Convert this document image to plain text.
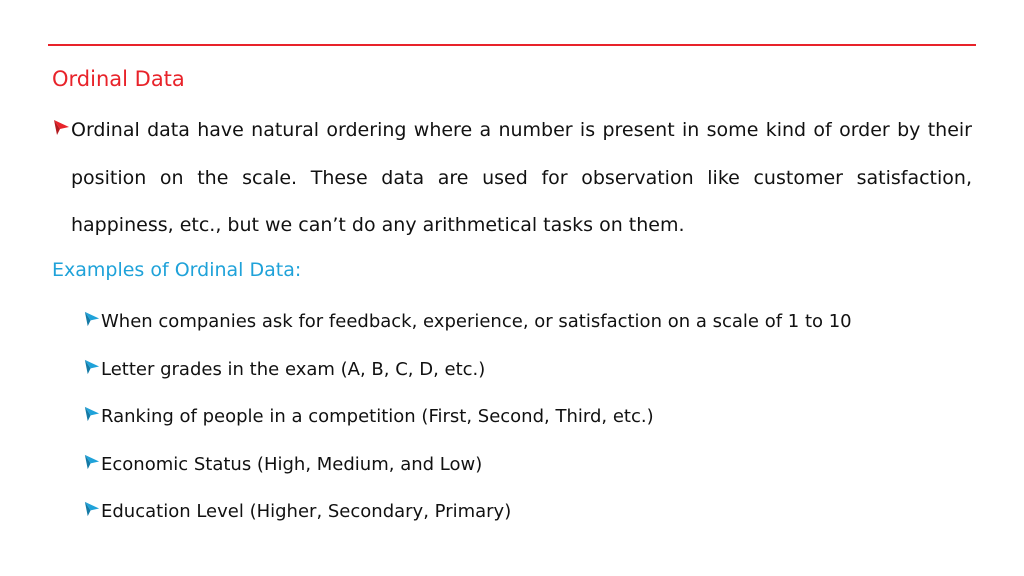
Ordinal Data
Ordinal data have natural ordering where a number is present in some kind of order by their
position on the scale. These data are used for observation like customer satisfaction,
happiness, etc., but we can’t do any arithmetical tasks on them.
Examples of Ordinal Data:
When companies ask for feedback, experience, or satisfaction on a scale of 1 to 10
Letter grades in the exam (A, B, C, D, etc.)
Ranking of people in a competition (First, Second, Third, etc.)
Economic Status (High, Medium, and Low)
Education Level (Higher, Secondary, Primary)
